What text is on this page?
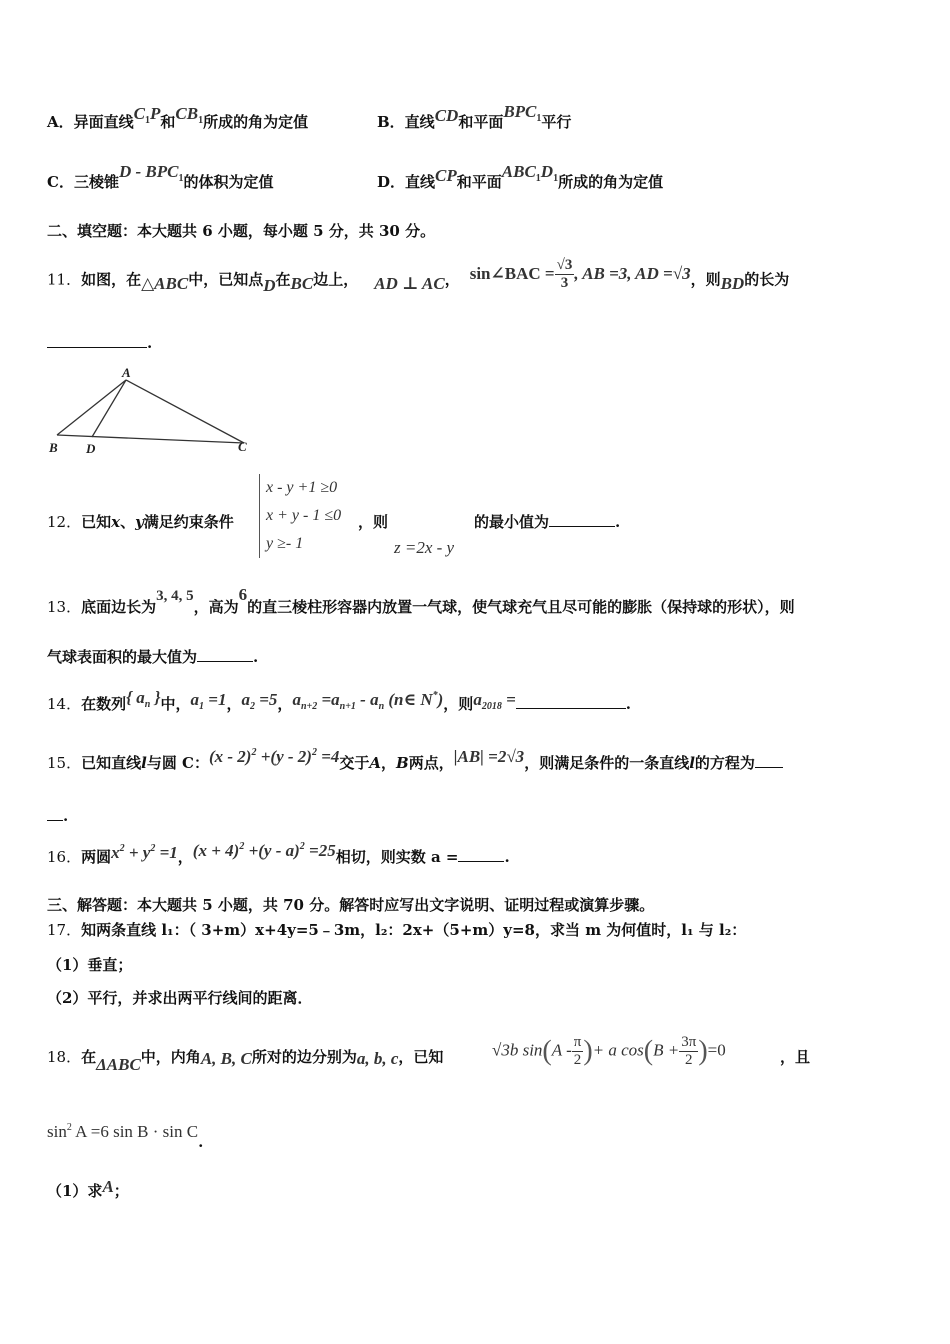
A．异面直线$C_1P$和$CB_1$所成的角为定值	B．直线CD和平面$BPC_1$平行
C．三棱锥D - $BPC_1$的体积为定值	D．直线CP和平面$ABC_1D_1$所成的角为定值
二、填空题：本大题共 6 小题，每小题 5 分，共 30 分。
11．如图，在△ABC中，已知点D在BC边上， AD ⊥ AC， sin∠BAC = $\frac{√3}{3}$ , AB =3, AD =√3，则BD的长为
.
A
B D	C
12．已知x、y满足约束条件
x - y +1 ≥0
x + y - 1 ≤0
y ≥- 1
，则
z =2x - y
的最小值为	.
13．底面边长为3, 4, 5，高为6的直三棱柱形容器内放置一气球，使气球充气且尽可能的膨胀（保持球的形状），则
气球表面积的最大值为	.
14．在数列{ $a_n$ }中，$a_1 =1$，$a_2 =5$，$a_{n+2} =a_{n+1} - a_n$ (n∈ N*)，则$a_{2018}$ =	.
15．已知直线l与圆 C：(x - 2)$^2$ +(y - 2)$^2$ =4交于A，B两点，|AB| =2√3，则满足条件的一条直线l的方程为
.
16．两圆$x^2 + y^2 =1$，$(x + 4)^2 +(y - a)^2 =25$相切，则实数 a =	.
三、解答题：本大题共 5 小题，共 70 分。解答时应写出文字说明、证明过程或演算步骤。
17．知两条直线 l₁：（ 3+m）x+4y=5﹣3m，l₂：2x+（5+m）y=8，求当 m 为何值时，l₁ 与 l₂：
（1）垂直；
（2）平行，并求出两平行线间的距离．
18．在ΔABC中，内角A, B, C所对的边分别为a, b, c，已知	√3b $\sin(A - \frac{\pi}{2}$ )+ a $\cos(B + \frac{3\pi}{2} )=0$	，且
$\sin^2 A =6$ sin B · sin C.
（1）求A；
